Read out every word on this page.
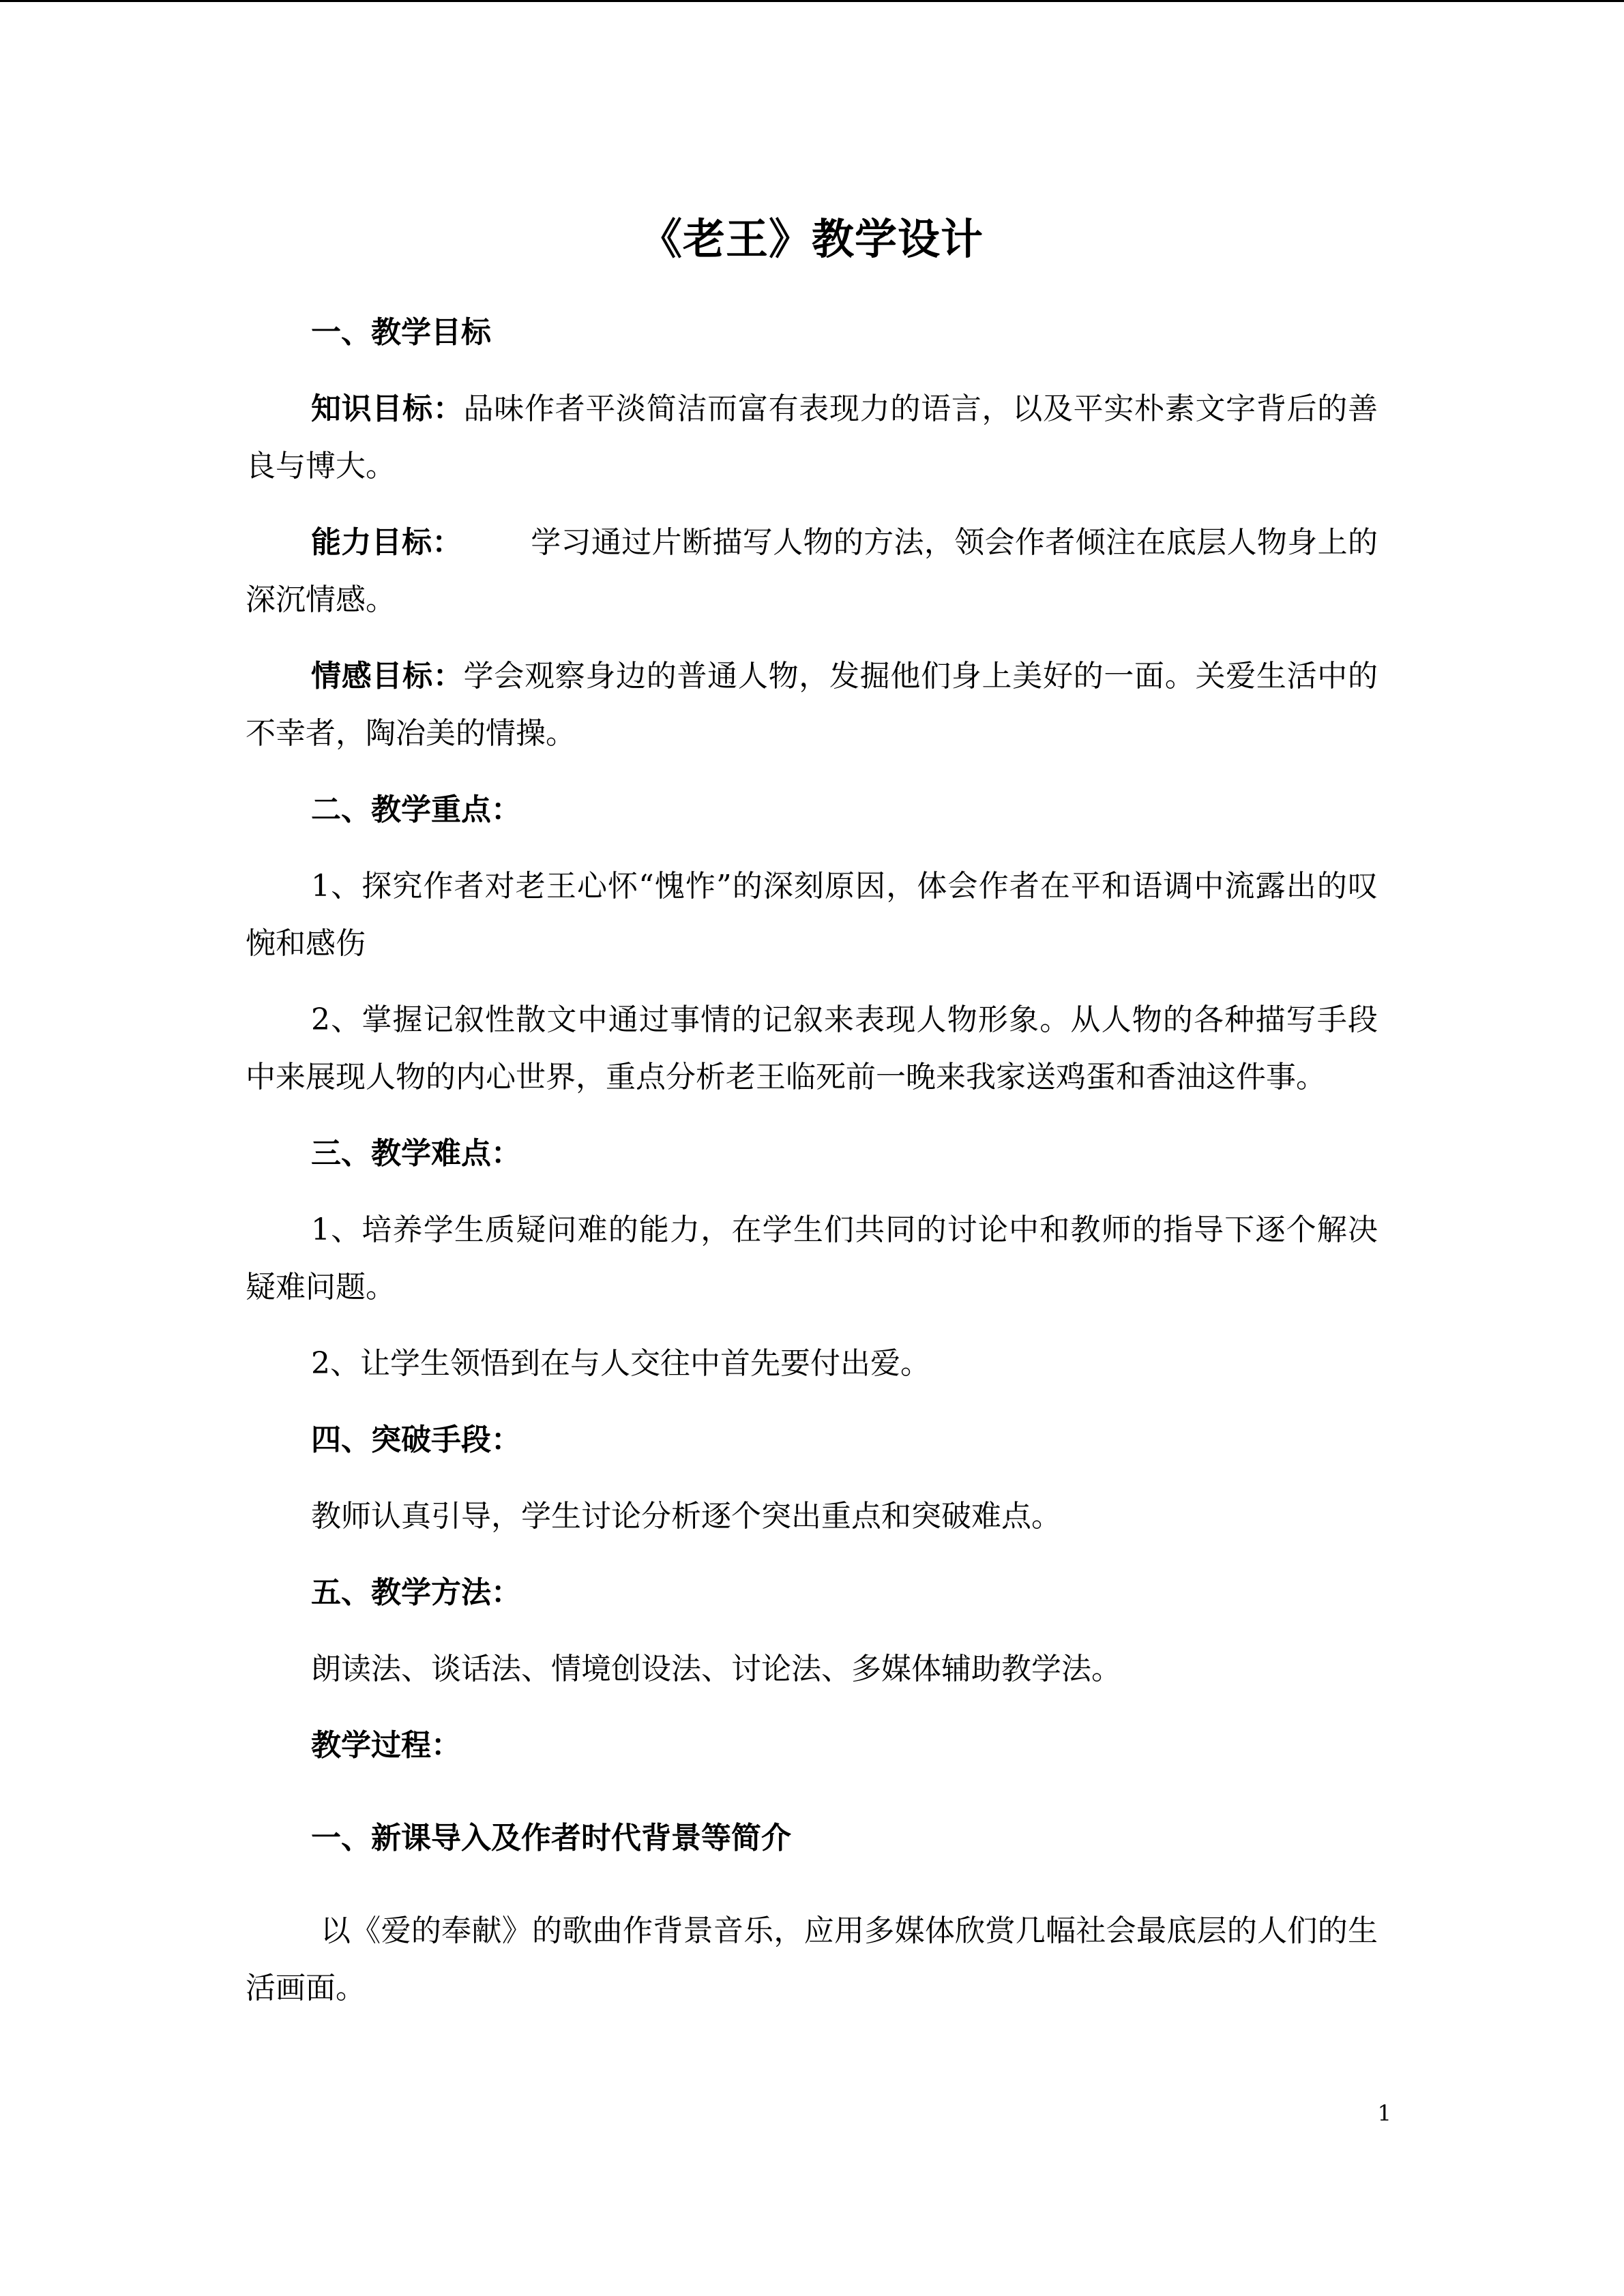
《老王》教学设计

一、教学目标

知识目标：品味作者平淡简洁而富有表现力的语言，以及平实朴素文字背后的善良与博大。

能力目标： 学习通过片断描写人物的方法，领会作者倾注在底层人物身上的深沉情感。

情感目标：学会观察身边的普通人物，发掘他们身上美好的一面。关爱生活中的不幸者，陶冶美的情操。

二、教学重点：

1、探究作者对老王心怀“愧怍”的深刻原因，体会作者在平和语调中流露出的叹惋和感伤

2、掌握记叙性散文中通过事情的记叙来表现人物形象。从人物的各种描写手段中来展现人物的内心世界，重点分析老王临死前一晚来我家送鸡蛋和香油这件事。

三、教学难点：

1、培养学生质疑问难的能力，在学生们共同的讨论中和教师的指导下逐个解决疑难问题。

2、让学生领悟到在与人交往中首先要付出爱。

四、突破手段：

教师认真引导，学生讨论分析逐个突出重点和突破难点。

五、教学方法：

朗读法、谈话法、情境创设法、讨论法、多媒体辅助教学法。

教学过程：

一、新课导入及作者时代背景等简介

以《爱的奉献》的歌曲作背景音乐，应用多媒体欣赏几幅社会最底层的人们的生活画面。

1
